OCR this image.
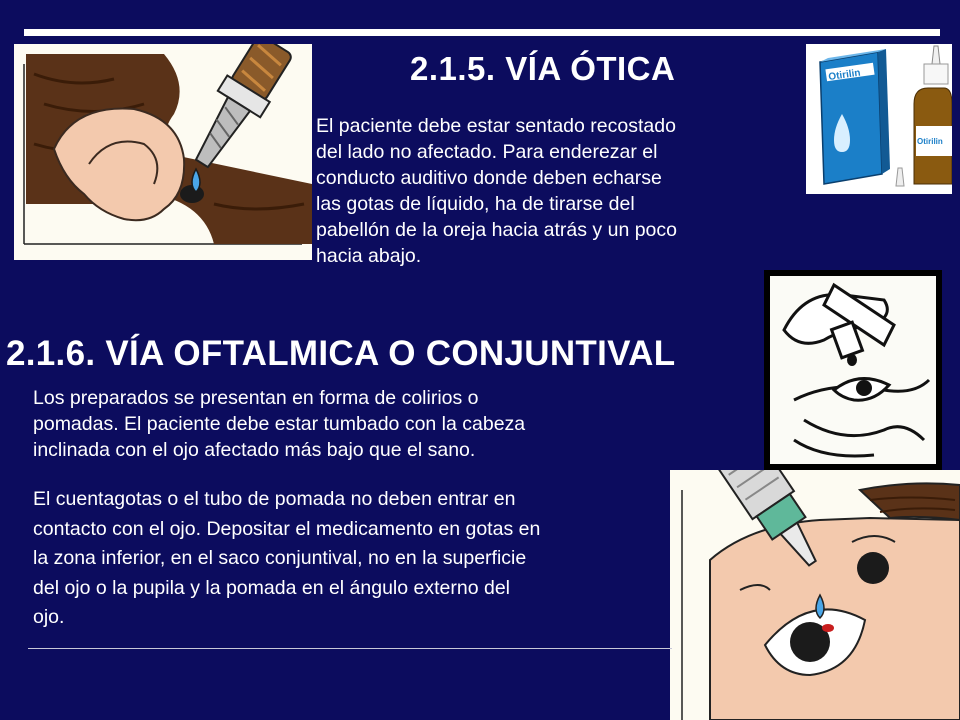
2.1.5. VÍA ÓTICA
El paciente debe estar sentado recostado
del lado no afectado. Para enderezar el
conducto auditivo donde deben echarse
las gotas de líquido, ha de tirarse del
pabellón de la oreja hacia atrás y un poco
hacia abajo.
Otirilin
Otirilin
2.1.6. VÍA OFTALMICA O CONJUNTIVAL
Los preparados se presentan en forma de colirios o
pomadas. El paciente debe estar tumbado con la cabeza
inclinada con el ojo afectado más bajo que el sano.
El cuentagotas o el tubo de pomada no deben entrar en
contacto con el ojo. Depositar el medicamento en gotas en
la zona inferior, en el saco conjuntival, no en la superficie
del ojo o la pupila y la pomada en el ángulo externo del
ojo.
